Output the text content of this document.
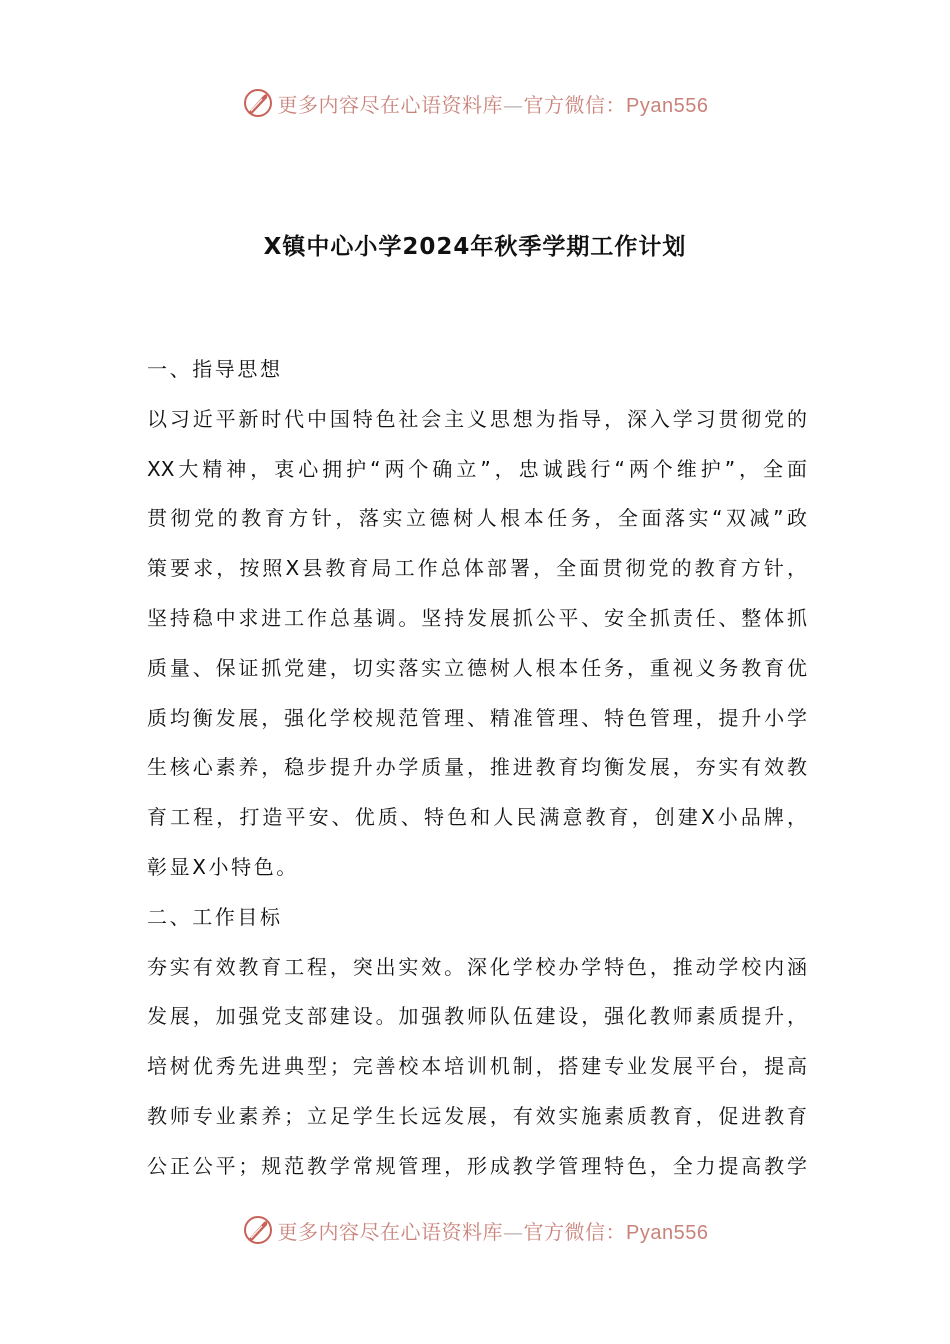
更多内容尽在心语资料库—官方微信：Pyan556
X镇中心小学2024年秋季学期工作计划
一、指导思想
以习近平新时代中国特色社会主义思想为指导，深入学习贯彻党的
XX大精神，衷心拥护“两个确立”，忠诚践行“两个维护”，全面
贯彻党的教育方针，落实立德树人根本任务，全面落实“双减”政
策要求，按照X县教育局工作总体部署，全面贯彻党的教育方针，
坚持稳中求进工作总基调。坚持发展抓公平、安全抓责任、整体抓
质量、保证抓党建，切实落实立德树人根本任务，重视义务教育优
质均衡发展，强化学校规范管理、精准管理、特色管理，提升小学
生核心素养，稳步提升办学质量，推进教育均衡发展，夯实有效教
育工程，打造平安、优质、特色和人民满意教育，创建X小品牌，
彰显X小特色。
二、工作目标
夯实有效教育工程，突出实效。深化学校办学特色，推动学校内涵
发展，加强党支部建设。加强教师队伍建设，强化教师素质提升，
培树优秀先进典型；完善校本培训机制，搭建专业发展平台，提高
教师专业素养；立足学生长远发展，有效实施素质教育，促进教育
公正公平；规范教学常规管理，形成教学管理特色，全力提高教学
更多内容尽在心语资料库—官方微信：Pyan556
